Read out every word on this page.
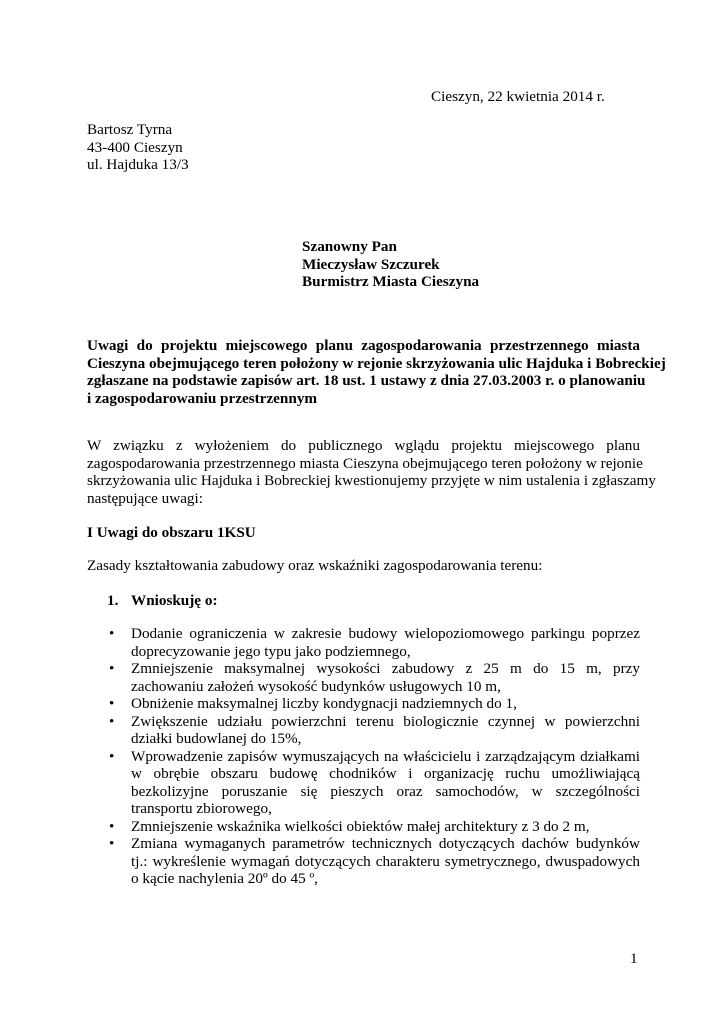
Cieszyn, 22 kwietnia 2014 r.
Bartosz Tyrna
43-400 Cieszyn
ul. Hajduka 13/3
Szanowny Pan
Mieczysław Szczurek
Burmistrz Miasta Cieszyna
Uwagi do projektu miejscowego planu zagospodarowania przestrzennego miasta
Cieszyna obejmującego teren położony w rejonie skrzyżowania ulic Hajduka i Bobreckiej
zgłaszane na podstawie zapisów art. 18 ust. 1 ustawy z dnia 27.03.2003 r. o planowaniu
i zagospodarowaniu przestrzennym
W związku z wyłożeniem do publicznego wglądu projektu miejscowego planu
zagospodarowania przestrzennego miasta Cieszyna obejmującego teren położony w rejonie
skrzyżowania ulic Hajduka i Bobreckiej kwestionujemy przyjęte w nim ustalenia i zgłaszamy
następujące uwagi:
I Uwagi do obszaru 1KSU
Zasady kształtowania zabudowy oraz wskaźniki zagospodarowania terenu:
1. Wnioskuję o:
• Dodanie ograniczenia w zakresie budowy wielopoziomowego parkingu poprzez doprecyzowanie jego typu jako podziemnego,
• Zmniejszenie maksymalnej wysokości zabudowy z 25 m do 15 m, przy zachowaniu założeń wysokość budynków usługowych 10 m,
• Obniżenie maksymalnej liczby kondygnacji nadziemnych do 1,
• Zwiększenie udziału powierzchni terenu biologicznie czynnej w powierzchni działki budowlanej do 15%,
• Wprowadzenie zapisów wymuszających na właścicielu i zarządzającym działkami w obrębie obszaru budowę chodników i organizację ruchu umożliwiającą bezkolizyjne poruszanie się pieszych oraz samochodów, w szczególności transportu zbiorowego,
• Zmniejszenie wskaźnika wielkości obiektów małej architektury z 3 do 2 m,
• Zmiana wymaganych parametrów technicznych dotyczących dachów budynków tj.: wykreślenie wymagań dotyczących charakteru symetrycznego, dwuspadowych o kącie nachylenia 20º do 45 º,
1
